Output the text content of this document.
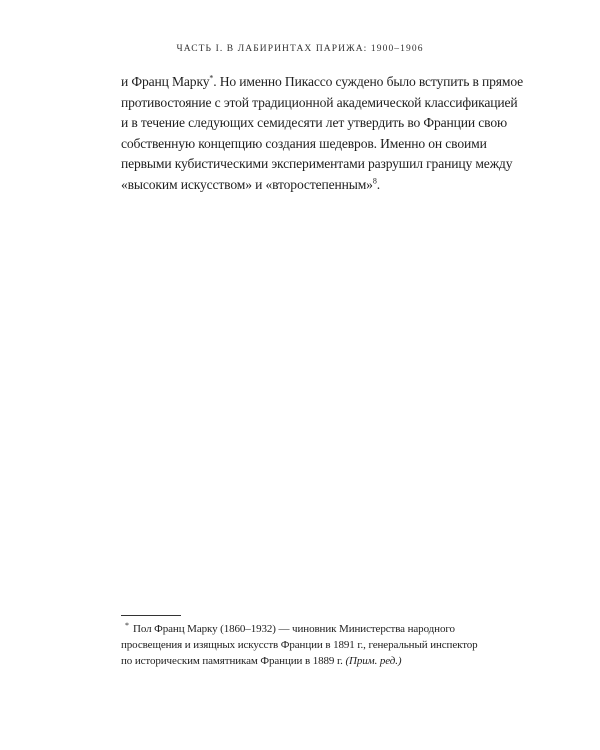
ЧАСТЬ I. В ЛАБИРИНТАХ ПАРИЖА: 1900–1906
и Франц Марку*. Но именно Пикассо суждено было вступить в прямое
противостояние с этой традиционной академической классификацией
и в течение следующих семидесяти лет утвердить во Франции свою
собственную концепцию создания шедевров. Именно он своими
первыми кубистическими экспериментами разрушил границу между
«высоким искусством» и «второстепенным»$^8$.
* Пол Франц Марку (1860–1932) — чиновник Министерства народного
просвещения и изящных искусств Франции в 1891 г., генеральный инспектор
по историческим памятникам Франции в 1889 г. (Прим. ред.)
